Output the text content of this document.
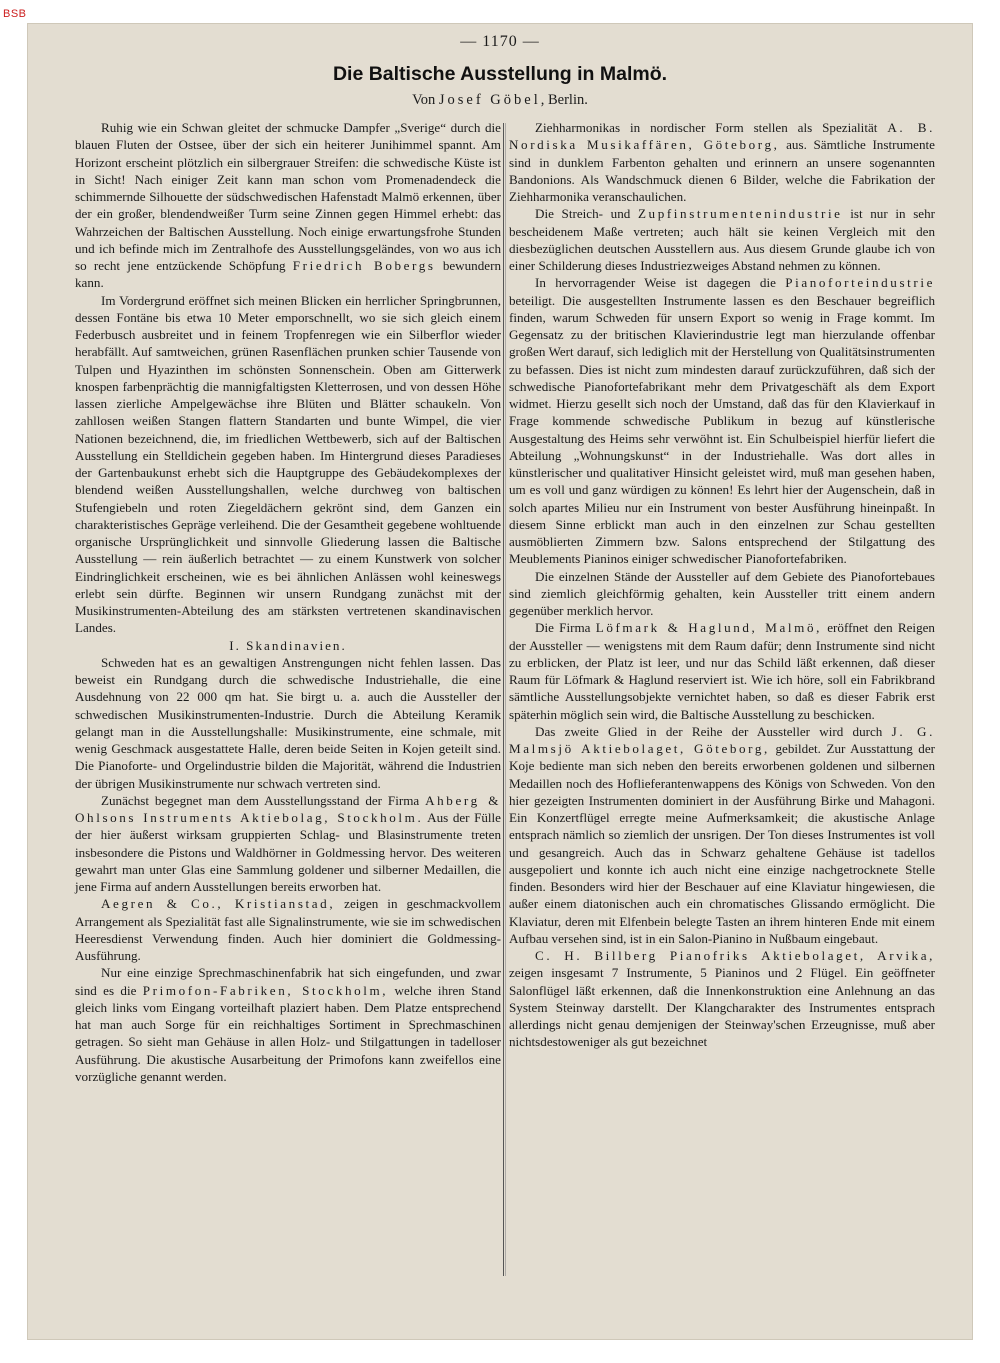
BSB
— 1170 —
Die Baltische Ausstellung in Malmö.
Von Josef Göbel, Berlin.

Ruhig wie ein Schwan gleitet der schmucke Dampfer „Sverige“ durch die blauen Fluten der Ostsee, über der sich ein heiterer Junihimmel spannt. Am Horizont erscheint plötzlich ein silbergrauer Streifen: die schwedische Küste ist in Sicht! Nach einiger Zeit kann man schon vom Promenadendeck die schimmernde Silhouette der südschwedischen Hafenstadt Malmö erkennen, über der ein großer, blendendweißer Turm seine Zinnen gegen Himmel erhebt: das Wahrzeichen der Baltischen Ausstellung. Noch einige erwartungsfrohe Stunden und ich befinde mich im Zentralhofe des Ausstellungsgeländes, von wo aus ich so recht jene entzückende Schöpfung Friedrich Bobergs bewundern kann.

Im Vordergrund eröffnet sich meinen Blicken ein herrlicher Springbrunnen, dessen Fontäne bis etwa 10 Meter emporschnellt, wo sie sich gleich einem Federbusch ausbreitet und in feinem Tropfenregen wie ein Silberflor wieder herabfällt. Auf samtweichen, grünen Rasenflächen prunken schier Tausende von Tulpen und Hyazinthen im schönsten Sonnenschein. Oben am Gitterwerk knospen farbenprächtig die mannigfaltigsten Kletterrosen, und von dessen Höhe lassen zierliche Ampelgewächse ihre Blüten und Blätter schaukeln. Von zahllosen weißen Stangen flattern Standarten und bunte Wimpel, die vier Nationen bezeichnend, die, im friedlichen Wettbewerb, sich auf der Baltischen Ausstellung ein Stelldichein gegeben haben. Im Hintergrund dieses Paradieses der Gartenbaukunst erhebt sich die Hauptgruppe des Gebäudekomplexes der blendend weißen Ausstellungshallen, welche durchweg von baltischen Stufengiebeln und roten Ziegeldächern gekrönt sind, dem Ganzen ein charakteristisches Gepräge verleihend. Die der Gesamtheit gegebene wohltuende organische Ursprünglichkeit und sinnvolle Gliederung lassen die Baltische Ausstellung — rein äußerlich betrachtet — zu einem Kunstwerk von solcher Eindringlichkeit erscheinen, wie es bei ähnlichen Anlässen wohl keineswegs erlebt sein dürfte. Beginnen wir unsern Rundgang zunächst mit der Musikinstrumenten-Abteilung des am stärksten vertretenen skandinavischen Landes.

I. Skandinavien.

Schweden hat es an gewaltigen Anstrengungen nicht fehlen lassen. Das beweist ein Rundgang durch die schwedische Industriehalle, die eine Ausdehnung von 22 000 qm hat. Sie birgt u. a. auch die Aussteller der schwedischen Musikinstrumenten-Industrie. Durch die Abteilung Keramik gelangt man in die Ausstellungshalle: Musikinstrumente, eine schmale, mit wenig Geschmack ausgestattete Halle, deren beide Seiten in Kojen geteilt sind. Die Pianoforte- und Orgelindustrie bilden die Majorität, während die Industrien der übrigen Musikinstrumente nur schwach vertreten sind.

Zunächst begegnet man dem Ausstellungsstand der Firma Ahberg & Ohlsons Instruments Aktiebolag, Stockholm. Aus der Fülle der hier äußerst wirksam gruppierten Schlag- und Blasinstrumente treten insbesondere die Pistons und Waldhörner in Goldmessing hervor. Des weiteren gewahrt man unter Glas eine Sammlung goldener und silberner Medaillen, die jene Firma auf andern Ausstellungen bereits erworben hat.

Aegren & Co., Kristianstad, zeigen in geschmackvollem Arrangement als Spezialität fast alle Signalinstrumente, wie sie im schwedischen Heeresdienst Verwendung finden. Auch hier dominiert die Goldmessing-Ausführung.

Nur eine einzige Sprechmaschinenfabrik hat sich eingefunden, und zwar sind es die Primofon-Fabriken, Stockholm, welche ihren Stand gleich links vom Eingang vorteilhaft plaziert haben. Dem Platze entsprechend hat man auch Sorge für ein reichhaltiges Sortiment in Sprechmaschinen getragen. So sieht man Gehäuse in allen Holz- und Stilgattungen in tadelloser Ausführung. Die akustische Ausarbeitung der Primofons kann zweifellos eine vorzügliche genannt werden.

Ziehharmonikas in nordischer Form stellen als Spezialität A. B. Nordiska Musikaffären, Göteborg, aus. Sämtliche Instrumente sind in dunklem Farbenton gehalten und erinnern an unsere sogenannten Bandonions. Als Wandschmuck dienen 6 Bilder, welche die Fabrikation der Ziehharmonika veranschaulichen.

Die Streich- und Zupfinstrumentenindustrie ist nur in sehr bescheidenem Maße vertreten; auch hält sie keinen Vergleich mit den diesbezüglichen deutschen Ausstellern aus. Aus diesem Grunde glaube ich von einer Schilderung dieses Industriezweiges Abstand nehmen zu können.

In hervorragender Weise ist dagegen die Pianoforteindustrie beteiligt. Die ausgestellten Instrumente lassen es den Beschauer begreiflich finden, warum Schweden für unsern Export so wenig in Frage kommt. Im Gegensatz zu der britischen Klavierindustrie legt man hierzulande offenbar großen Wert darauf, sich lediglich mit der Herstellung von Qualitätsinstrumenten zu befassen. Dies ist nicht zum mindesten darauf zurückzuführen, daß sich der schwedische Pianofortefabrikant mehr dem Privatgeschäft als dem Export widmet. Hierzu gesellt sich noch der Umstand, daß das für den Klavierkauf in Frage kommende schwedische Publikum in bezug auf künstlerische Ausgestaltung des Heims sehr verwöhnt ist. Ein Schulbeispiel hierfür liefert die Abteilung „Wohnungskunst“ in der Industriehalle. Was dort alles in künstlerischer und qualitativer Hinsicht geleistet wird, muß man gesehen haben, um es voll und ganz würdigen zu können! Es lehrt hier der Augenschein, daß in solch apartes Milieu nur ein Instrument von bester Ausführung hineinpaßt. In diesem Sinne erblickt man auch in den einzelnen zur Schau gestellten ausmöblierten Zimmern bzw. Salons entsprechend der Stilgattung des Meublements Pianinos einiger schwedischer Pianofortefabriken.

Die einzelnen Stände der Aussteller auf dem Gebiete des Pianofortebaues sind ziemlich gleichförmig gehalten, kein Aussteller tritt einem andern gegenüber merklich hervor.

Die Firma Löfmark & Haglund, Malmö, eröffnet den Reigen der Aussteller — wenigstens mit dem Raum dafür; denn Instrumente sind nicht zu erblicken, der Platz ist leer, und nur das Schild läßt erkennen, daß dieser Raum für Löfmark & Haglund reserviert ist. Wie ich höre, soll ein Fabrikbrand sämtliche Ausstellungsobjekte vernichtet haben, so daß es dieser Fabrik erst späterhin möglich sein wird, die Baltische Ausstellung zu beschicken.

Das zweite Glied in der Reihe der Aussteller wird durch J. G. Malmsjö Aktiebolaget, Göteborg, gebildet. Zur Ausstattung der Koje bediente man sich neben den bereits erworbenen goldenen und silbernen Medaillen noch des Hoflieferantenwappens des Königs von Schweden. Von den hier gezeigten Instrumenten dominiert in der Ausführung Birke und Mahagoni. Ein Konzertflügel erregte meine Aufmerksamkeit; die akustische Anlage entsprach nämlich so ziemlich der unsrigen. Der Ton dieses Instrumentes ist voll und gesangreich. Auch das in Schwarz gehaltene Gehäuse ist tadellos ausgepoliert und konnte ich auch nicht eine einzige nachgetrocknete Stelle finden. Besonders wird hier der Beschauer auf eine Klaviatur hingewiesen, die außer einem diatonischen auch ein chromatisches Glissando ermöglicht. Die Klaviatur, deren mit Elfenbein belegte Tasten an ihrem hinteren Ende mit einem Aufbau versehen sind, ist in ein Salon-Pianino in Nußbaum eingebaut.

C. H. Billberg Pianofriks Aktiebolaget, Arvika, zeigen insgesamt 7 Instrumente, 5 Pianinos und 2 Flügel. Ein geöffneter Salonflügel läßt erkennen, daß die Innenkonstruktion eine Anlehnung an das System Steinway darstellt. Der Klangcharakter des Instrumentes entsprach allerdings nicht genau demjenigen der Steinway'schen Erzeugnisse, muß aber nichtsdestoweniger als gut bezeichnet
